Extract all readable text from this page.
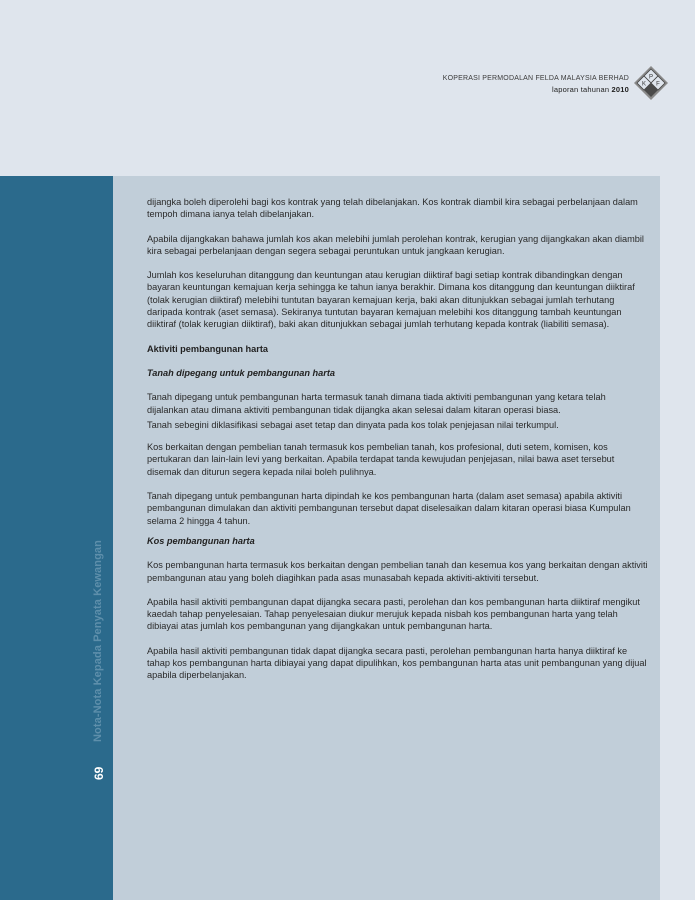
KOPERASI PERMODALAN FELDA MALAYSIA BERHAD
laporan tahunan 2010
K
P
F
Nota-Nota Kepada Penyata Kewangan
69

dijangka boleh diperolehi bagi kos kontrak yang telah dibelanjakan. Kos kontrak diambil kira sebagai perbelanjaan dalam tempoh dimana ianya telah dibelanjakan.

Apabila dijangkakan bahawa jumlah kos akan melebihi jumlah perolehan kontrak, kerugian yang dijangkakan akan diambil kira sebagai perbelanjaan dengan segera sebagai peruntukan untuk jangkaan kerugian.

Jumlah kos keseluruhan ditanggung dan keuntungan atau kerugian diiktiraf bagi setiap kontrak dibandingkan dengan bayaran keuntungan kemajuan kerja sehingga ke tahun ianya berakhir. Dimana kos ditanggung dan keuntungan diiktiraf (tolak kerugian diiktiraf) melebihi tuntutan bayaran kemajuan kerja, baki akan ditunjukkan sebagai jumlah terhutang daripada kontrak (aset semasa). Sekiranya tuntutan bayaran kemajuan melebihi kos ditanggung tambah keuntungan diiktiraf (tolak kerugian diiktiraf), baki akan ditunjukkan sebagai jumlah terhutang kepada kontrak (liabiliti semasa).

Aktiviti pembangunan harta

Tanah dipegang untuk pembangunan harta

Tanah dipegang untuk pembangunan harta termasuk tanah dimana tiada aktiviti pembangunan yang ketara telah dijalankan atau dimana aktiviti pembangunan tidak dijangka akan selesai dalam kitaran operasi biasa.

Tanah sebegini diklasifikasi sebagai aset tetap dan dinyata pada kos tolak penjejasan nilai terkumpul.

Kos berkaitan dengan pembelian tanah termasuk kos pembelian tanah, kos profesional, duti setem, komisen, kos pertukaran dan lain-lain levi yang berkaitan. Apabila terdapat tanda kewujudan penjejasan, nilai bawa aset tersebut disemak dan diturun segera kepada nilai boleh pulihnya.

Tanah dipegang untuk pembangunan harta dipindah ke kos pembangunan harta (dalam aset semasa) apabila aktiviti pembangunan dimulakan dan aktiviti pembangunan tersebut dapat diselesaikan dalam kitaran operasi biasa Kumpulan selama 2 hingga 4 tahun.

Kos pembangunan harta

Kos pembangunan harta termasuk kos berkaitan dengan pembelian tanah dan kesemua kos yang berkaitan dengan aktiviti pembangunan atau yang boleh diagihkan pada asas munasabah kepada aktiviti-aktiviti tersebut.

Apabila hasil aktiviti pembangunan dapat dijangka secara pasti, perolehan dan kos pembangunan harta diiktiraf mengikut kaedah tahap penyelesaian. Tahap penyelesaian diukur merujuk kepada nisbah kos pembangunan harta yang telah dibiayai atas jumlah kos pembangunan yang dijangkakan untuk pembangunan harta.

Apabila hasil aktiviti pembangunan tidak dapat dijangka secara pasti, perolehan pembangunan harta hanya diiktiraf ke tahap kos pembangunan harta dibiayai yang dapat dipulihkan, kos pembangunan harta atas unit pembangunan yang dijual apabila diperbelanjakan.
